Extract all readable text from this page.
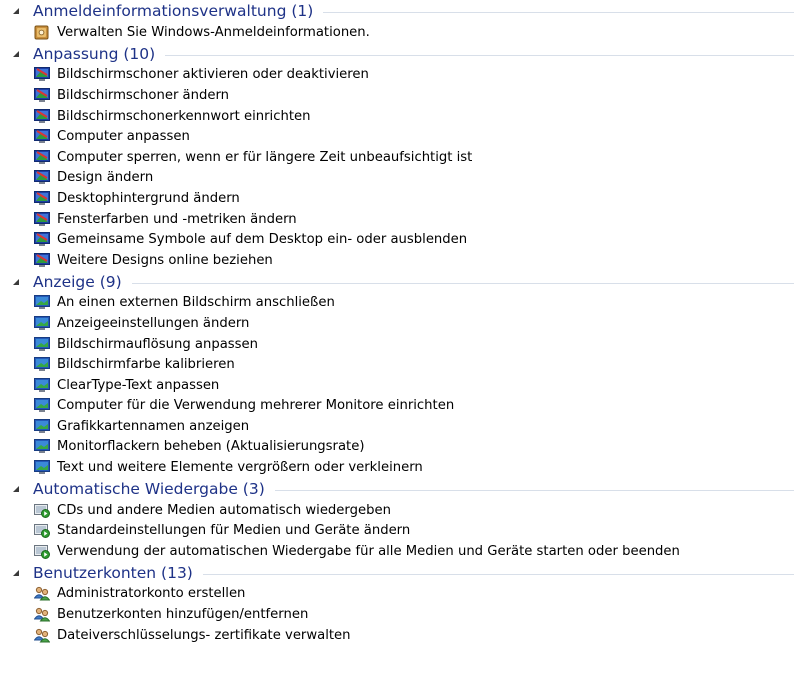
Anmeldeinformationsverwaltung (1)
Verwalten Sie Windows-Anmeldeinformationen.
Anpassung (10)
Bildschirmschoner aktivieren oder deaktivieren
Bildschirmschoner ändern
Bildschirmschonerkennwort einrichten
Computer anpassen
Computer sperren, wenn er für längere Zeit unbeaufsichtigt ist
Design ändern
Desktophintergrund ändern
Fensterfarben und -metriken ändern
Gemeinsame Symbole auf dem Desktop ein- oder ausblenden
Weitere Designs online beziehen
Anzeige (9)
An einen externen Bildschirm anschließen
Anzeigeeinstellungen ändern
Bildschirmauflösung anpassen
Bildschirmfarbe kalibrieren
ClearType-Text anpassen
Computer für die Verwendung mehrerer Monitore einrichten
Grafikkartennamen anzeigen
Monitorflackern beheben (Aktualisierungsrate)
Text und weitere Elemente vergrößern oder verkleinern
Automatische Wiedergabe (3)
CDs und andere Medien automatisch wiedergeben
Standardeinstellungen für Medien und Geräte ändern
Verwendung der automatischen Wiedergabe für alle Medien und Geräte starten oder beenden
Benutzerkonten (13)
Administratorkonto erstellen
Benutzerkonten hinzufügen/entfernen
Dateiverschlüsselungs- zertifikate verwalten
